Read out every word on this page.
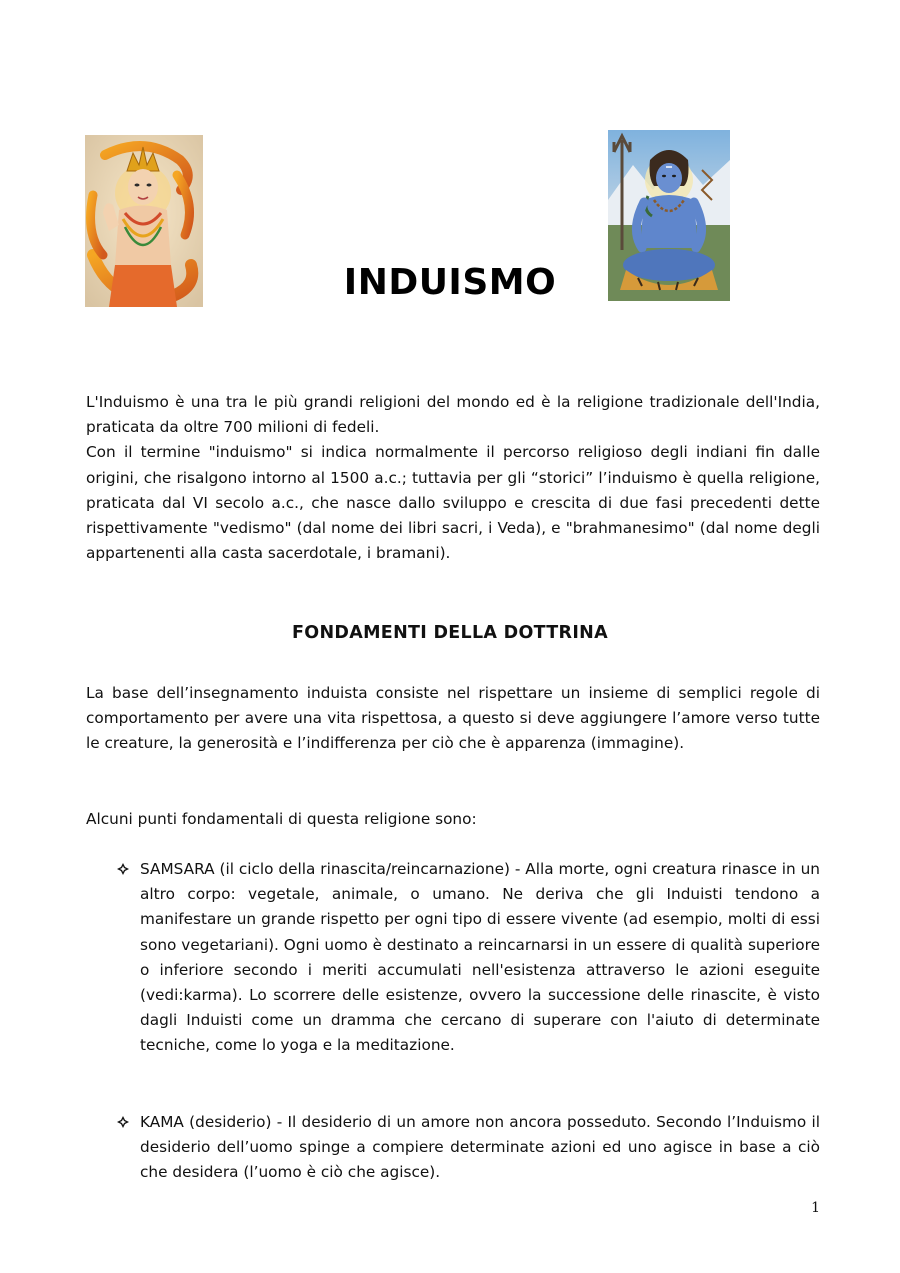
INDUISMO

L'Induismo è una tra le più grandi religioni del mondo ed è la religione tradizionale dell'India, praticata da oltre 700 milioni di fedeli.

Con il termine "induismo" si indica normalmente il percorso religioso degli indiani fin dalle origini, che risalgono intorno al 1500 a.c.; tuttavia per gli “storici” l’induismo è quella religione, praticata dal VI secolo a.c., che nasce dallo sviluppo e crescita di due fasi precedenti dette rispettivamente "vedismo" (dal nome dei libri sacri, i Veda), e "brahmanesimo" (dal nome degli appartenenti alla casta sacerdotale, i bramani).

FONDAMENTI DELLA DOTTRINA
La base dell’insegnamento induista consiste nel rispettare un insieme di semplici regole di comportamento per avere una vita rispettosa, a questo si deve aggiungere l’amore verso tutte le creature, la generosità e l’indifferenza per ciò che è apparenza (immagine).
Alcuni punti fondamentali di questa religione sono:
SAMSARA (il ciclo della rinascita/reincarnazione) - Alla morte, ogni creatura rinasce in un altro corpo: vegetale, animale, o umano. Ne deriva che gli Induisti tendono a manifestare un grande rispetto per ogni tipo di essere vivente (ad esempio, molti di essi sono vegetariani). Ogni uomo è destinato a reincarnarsi in un essere di qualità superiore o inferiore secondo i meriti accumulati nell'esistenza attraverso le azioni eseguite (vedi:karma). Lo scorrere delle esistenze, ovvero la successione delle rinascite, è visto dagli Induisti come un dramma che cercano di superare con l'aiuto di determinate tecniche, come lo yoga e la meditazione.
KAMA (desiderio) - Il desiderio di un amore non ancora posseduto. Secondo l’Induismo il desiderio dell’uomo spinge a compiere determinate azioni ed uno agisce in base a ciò che desidera (l’uomo è ciò che agisce).
1
